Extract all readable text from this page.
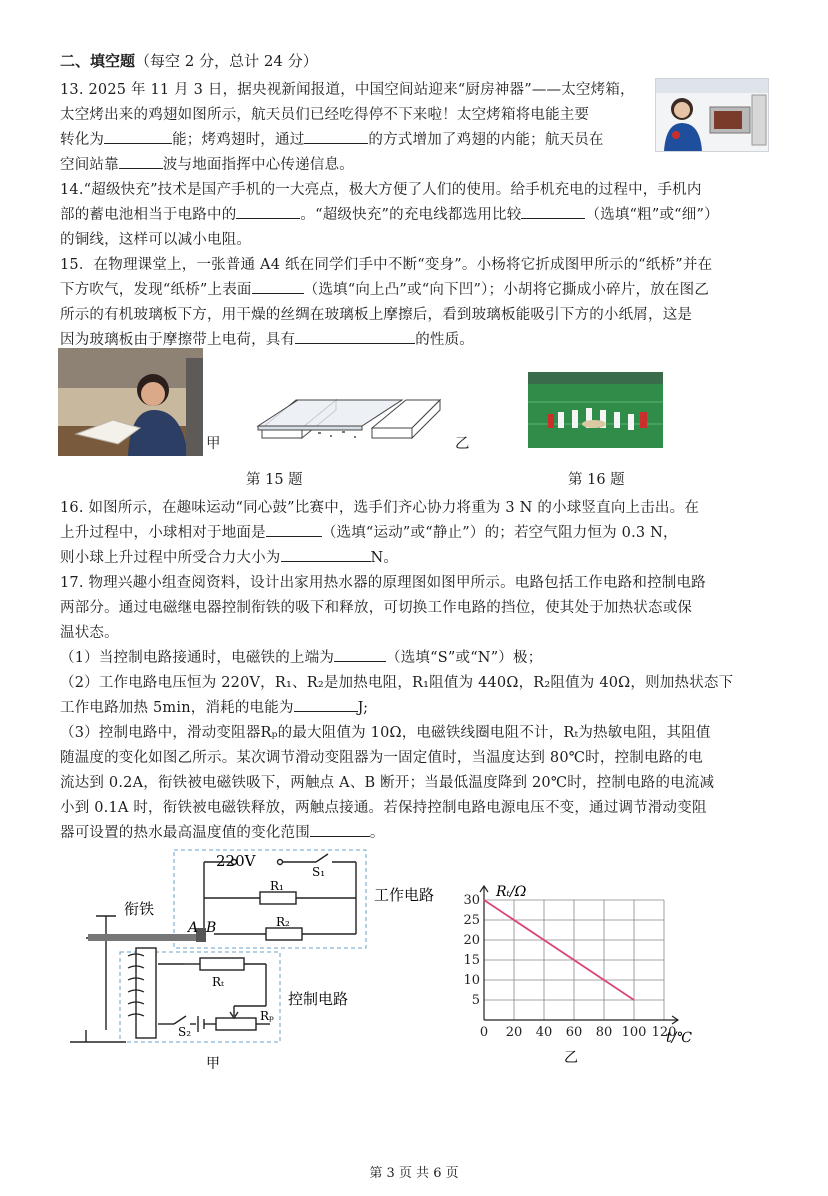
二、填空题（每空 2 分，总计 24 分）
13. 2025 年 11 月 3 日，据央视新闻报道，中国空间站迎来“厨房神器”——太空烤箱，
太空烤出来的鸡翅如图所示，航天员们已经吃得停不下来啦！太空烤箱将电能主要
转化为	能；烤鸡翅时，通过	的方式增加了鸡翅的内能；航天员在
空间站靠	波与地面指挥中心传递信息。
14.“超级快充”技术是国产手机的一大亮点，极大方便了人们的使用。给手机充电的过程中，手机内
部的蓄电池相当于电路中的	。“超级快充”的充电线都选用比较	（选填“粗”或“细”）
的铜线，这样可以减小电阻。
15．在物理课堂上，一张普通 A4 纸在同学们手中不断“变身”。小杨将它折成图甲所示的“纸桥”并在
下方吹气，发现“纸桥”上表面	（选填“向上凸”或“向下凹”）；小胡将它撕成小碎片，放在图乙
所示的有机玻璃板下方，用干燥的丝绸在玻璃板上摩擦后，看到玻璃板能吸引下方的小纸屑，这是
因为玻璃板由于摩擦带上电荷，具有	的性质。
甲	乙
第 15 题	第 16 题
16. 如图所示，在趣味运动“同心鼓”比赛中，选手们齐心协力将重为 3 N 的小球竖直向上击出。在
上升过程中，小球相对于地面是	（选填“运动”或“静止”）的；若空气阻力恒为 0.3 N，
则小球上升过程中所受合力大小为	N。
17. 物理兴趣小组查阅资料，设计出家用热水器的原理图如图甲所示。电路包括工作电路和控制电路
两部分。通过电磁继电器控制衔铁的吸下和释放，可切换工作电路的挡位，使其处于加热状态或保
温状态。
（1）当控制电路接通时，电磁铁的上端为	（选填“S”或“N”）极；
（2）工作电路电压恒为 220V，R₁、R₂是加热电阻，R₁阻值为 440Ω，R₂阻值为 40Ω，则加热状态下
工作电路加热 5min，消耗的电能为	J;
（3）控制电路中，滑动变阻器Rₚ的最大阻值为 10Ω，电磁铁线圈电阻不计，Rₜ为热敏电阻，其阻值
随温度的变化如图乙所示。某次调节滑动变阻器为一固定值时，当温度达到 80℃时，控制电路的电
流达到 0.2A，衔铁被电磁铁吸下，两触点 A、B 断开；当最低温度降到 20℃时，控制电路的电流减
小到 0.1A 时，衔铁被电磁铁释放，两触点接通。若保持控制电路电源电压不变，通过调节滑动变阻
器可设置的热水最高温度值的变化范围	。
220V
S₁
R₁
R₂
A B
衔铁
工作电路
控制电路
Rₜ
Rₚ
S₂
甲
0 20 40 60 80 100 120
5
10
15
20
25
30
Rₜ/Ω
t/℃
乙
第 3 页 共 6 页
